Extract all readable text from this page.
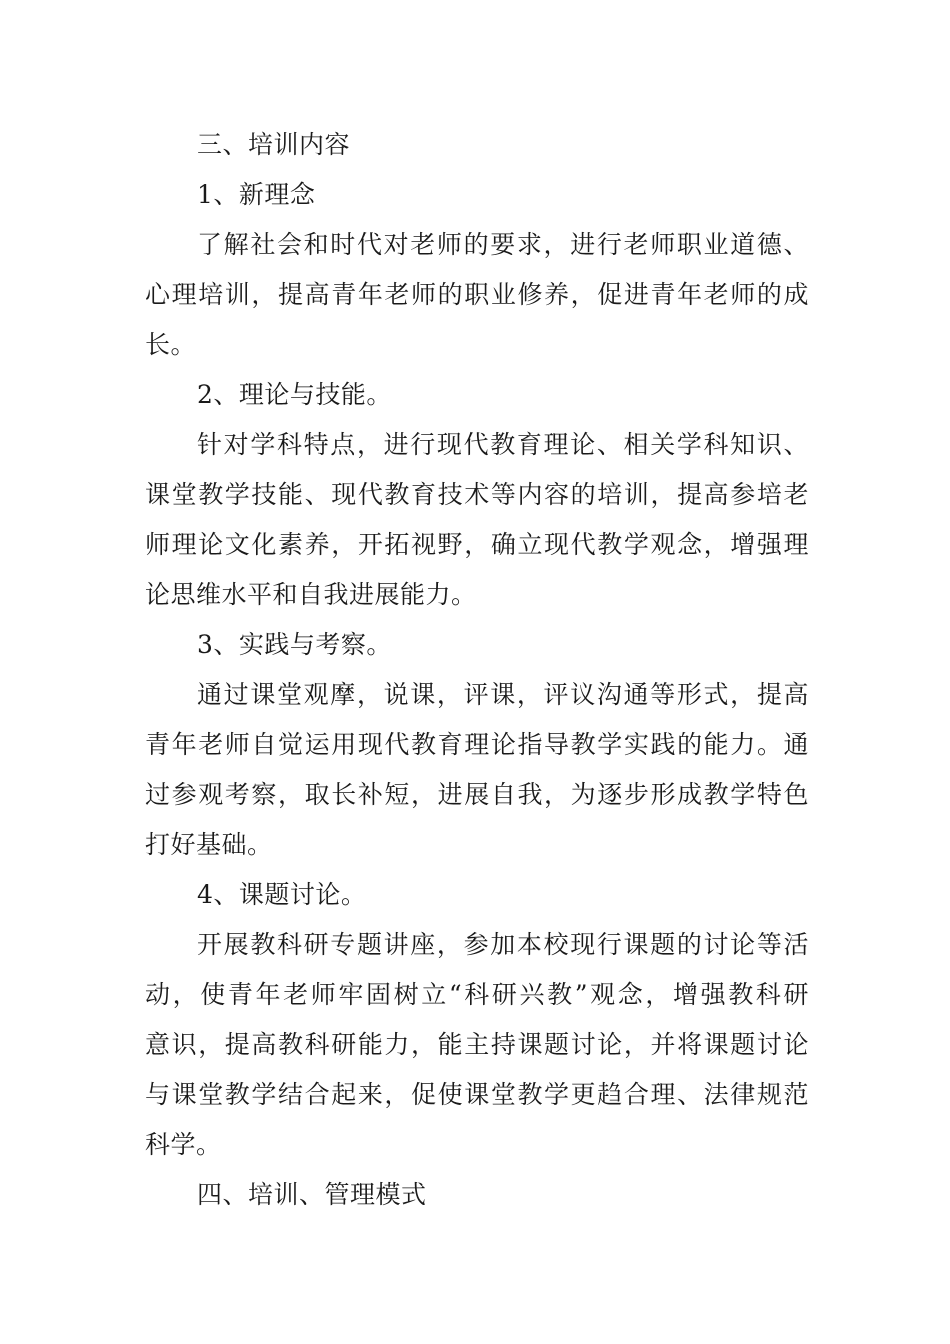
三、培训内容
1、新理念
了解社会和时代对老师的要求，进行老师职业道德、
心理培训，提高青年老师的职业修养，促进青年老师的成
长。
2、理论与技能。
针对学科特点，进行现代教育理论、相关学科知识、
课堂教学技能、现代教育技术等内容的培训，提高参培老
师理论文化素养，开拓视野，确立现代教学观念，增强理
论思维水平和自我进展能力。
3、实践与考察。
通过课堂观摩，说课，评课，评议沟通等形式，提高
青年老师自觉运用现代教育理论指导教学实践的能力。通
过参观考察，取长补短，进展自我，为逐步形成教学特色
打好基础。
4、课题讨论。
开展教科研专题讲座，参加本校现行课题的讨论等活
动，使青年老师牢固树立“科研兴教”观念，增强教科研
意识，提高教科研能力，能主持课题讨论，并将课题讨论
与课堂教学结合起来，促使课堂教学更趋合理、法律规范
科学。
四、培训、管理模式
